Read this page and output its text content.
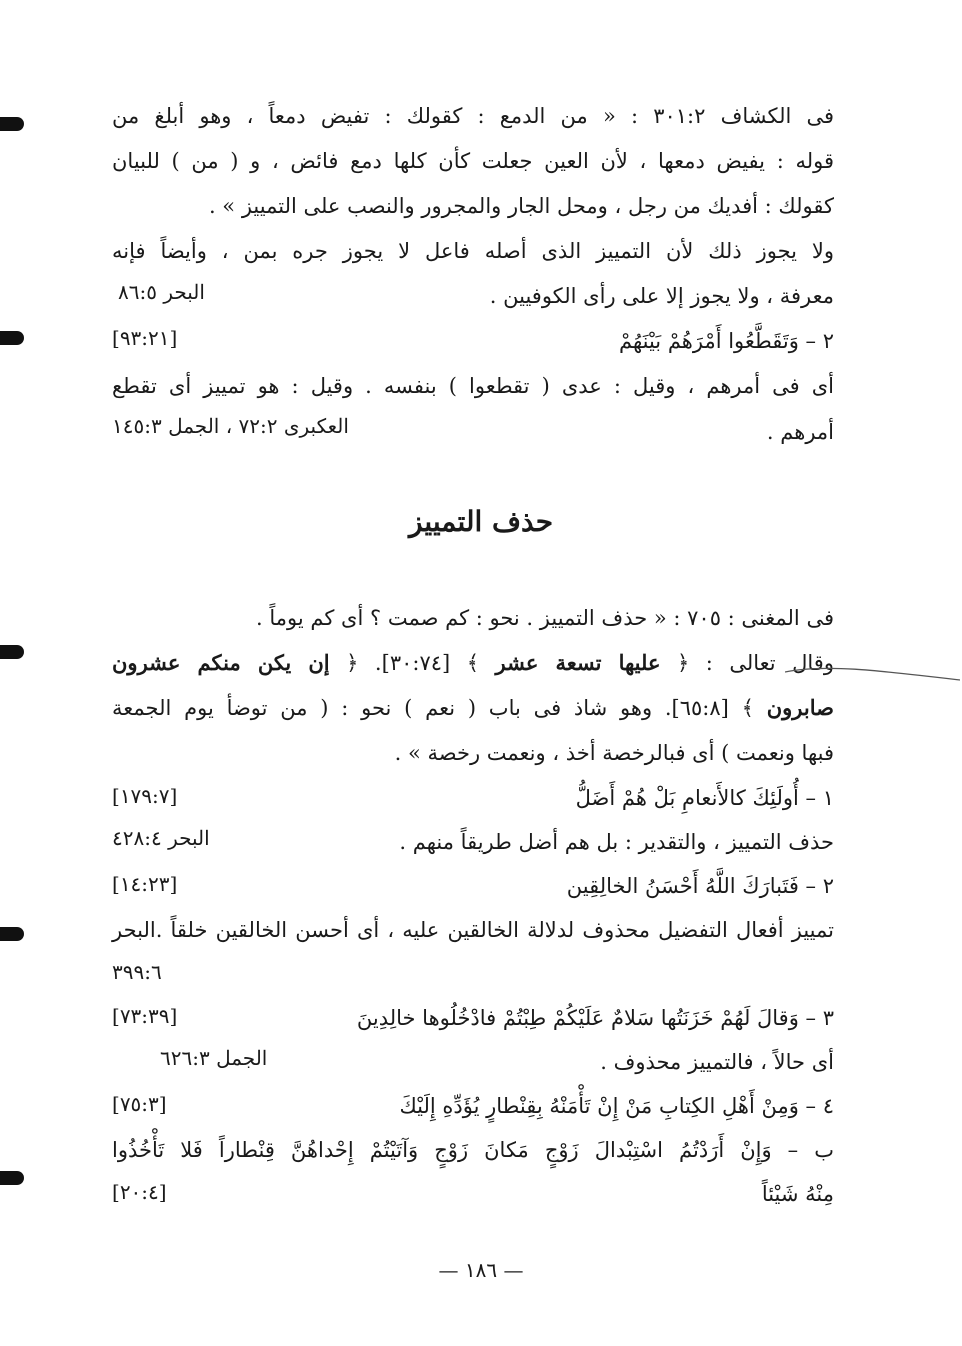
فى الكشاف ٣٠١:٢ : « من الدمع : كقولك : تفيض دمعاً ، وهو أبلغ من
قوله : يفيض دمعها ، لأن العين جعلت كأن كلها دمع فائض ، و ( من ) للبيان
كقولك : أفديك من رجل ، ومحل الجار والمجرور والنصب على التمييز » .
ولا يجوز ذلك لأن التمييز الذى أصله فاعل لا يجوز جره بمن ، وأيضاً فإنه
معرفة ، ولا يجوز إلا على رأى الكوفيين .
البحر ٨٦:٥
٢ – وَتَقَطَّعُوا أَمْرَهُمْ بَيْنَهُمْ
[٩٣:٢١]
أى فى أمرهم ، وقيل : عدى ( تقطعوا ) بنفسه . وقيل : هو تمييز أى تقطع
أمرهم .
العكبرى ٧٢:٢ ، الجمل ١٤٥:٣
حذف التمييز
فى المغنى : ٧٠٥ : « حذف التمييز . نحو : كم صمت ؟ أى كم يوماً .
وقال تعالى : ﴿ عليها تسعة عشر ﴾ [٣٠:٧٤]. ﴿ إن يكن منكم عشرون
صابرون ﴾ [٦٥:٨]. وهو شاذ فى باب ( نعم ) نحو : ( من توضأ يوم الجمعة
فبها ونعمت ) أى فبالرخصة أخذ ، ونعمت رخصة » .
١ – أُولَئِكَ كالأَنعامِ بَلْ هُمْ أَضَلُّ
[١٧٩:٧]
حذف التمييز ، والتقدير : بل هم أضل طريقاً منهم .
البحر ٤٢٨:٤
٢ – فَتَبارَكَ اللَّهُ أَحْسَنُ الخالِقِين
[١٤:٢٣]
تمييز أفعال التفضيل محذوف لدلالة الخالقين عليه ، أى أحسن الخالقين خلقاً .البحر
٣٩٩:٦
٣ – وَقالَ لَهُمْ خَزَنَتُها سَلامٌ عَلَيْكُمْ طِبْتُمْ فادْخُلُوها خالِدِينَ
[٧٣:٣٩]
أى حالاً ، فالتمييز محذوف .
الجمل ٦٢٦:٣
٤ – وَمِنْ أَهْلِ الكِتابِ مَنْ إِنْ تَأْمَنْهُ بِقِنْطارٍ يُؤَدِّهِ إِلَيْكَ
[٧٥:٣]
ب – وَإِنْ أَرَدْتُمُ اسْتِبْدالَ زَوْجٍ مَكانَ زَوْجٍ وَآتَيْتُمْ إِحْداهُنَّ قِنْطاراً فَلا تَأْخُذُوا
مِنْهُ شَيْئاً
[٢٠:٤]
— ١٨٦ —
